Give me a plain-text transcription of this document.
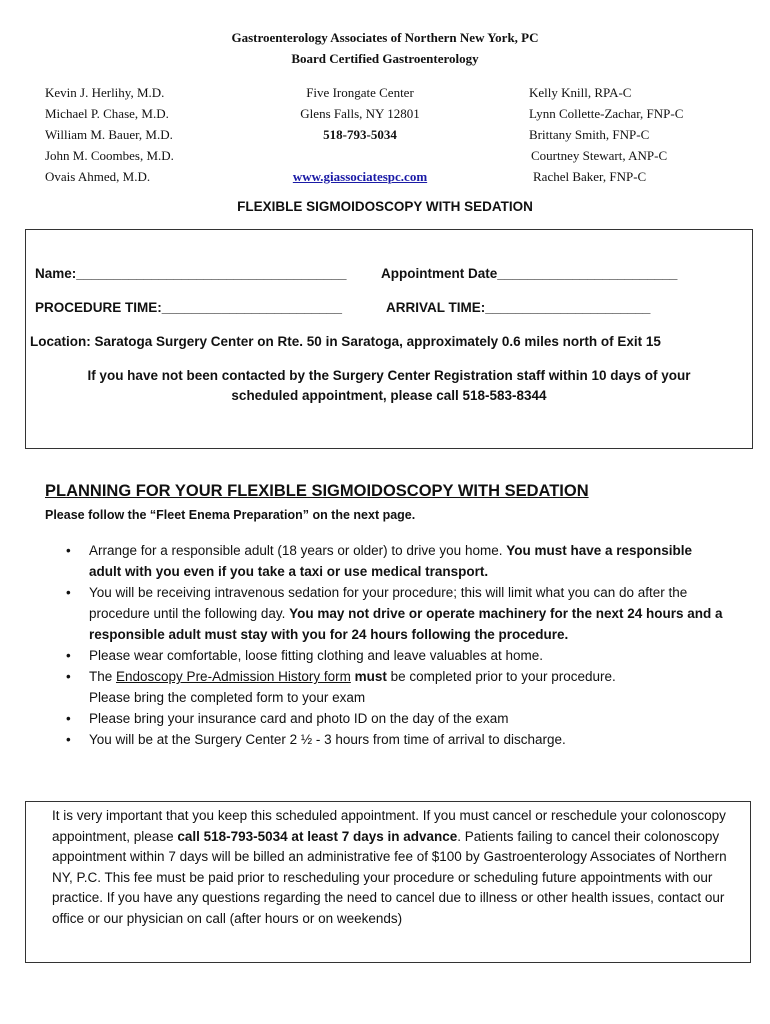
Gastroenterology Associates of Northern New York, PC
Board Certified Gastroenterology
Kevin J. Herlihy, M.D.
Michael P. Chase, M.D.
William M. Bauer, M.D.
John M. Coombes, M.D.
Ovais Ahmed, M.D.
Five Irongate Center
Glens Falls, NY 12801
518-793-5034

www.giassociatespc.com
Kelly Knill, RPA-C
Lynn Collette-Zachar, FNP-C
Brittany Smith, FNP-C
Courtney Stewart, ANP-C
Rachel Baker, FNP-C
FLEXIBLE SIGMOIDOSCOPY WITH SEDATION
Name:____________________________________	Appointment Date________________________
PROCEDURE TIME:________________________	ARRIVAL TIME:______________________
Location: Saratoga Surgery Center on Rte. 50 in Saratoga, approximately 0.6 miles north of Exit 15
If you have not been contacted by the Surgery Center Registration staff within 10 days of your
scheduled appointment, please call 518-583-8344
PLANNING FOR YOUR FLEXIBLE SIGMOIDOSCOPY WITH SEDATION
Please follow the “Fleet Enema Preparation” on the next page.
• Arrange for a responsible adult (18 years or older) to drive you home. You must have a responsible adult with you even if you take a taxi or use medical transport.
• You will be receiving intravenous sedation for your procedure; this will limit what you can do after the procedure until the following day. You may not drive or operate machinery for the next 24 hours and a responsible adult must stay with you for 24 hours following the procedure.
• Please wear comfortable, loose fitting clothing and leave valuables at home.
• The Endoscopy Pre-Admission History form must be completed prior to your procedure.
Please bring the completed form to your exam
• Please bring your insurance card and photo ID on the day of the exam
• You will be at the Surgery Center 2 ½ - 3 hours from time of arrival to discharge.
It is very important that you keep this scheduled appointment. If you must cancel or reschedule your colonoscopy appointment, please call 518-793-5034 at least 7 days in advance. Patients failing to cancel their colonoscopy appointment within 7 days will be billed an administrative fee of $100 by Gastroenterology Associates of Northern NY, P.C. This fee must be paid prior to rescheduling your procedure or scheduling future appointments with our practice. If you have any questions regarding the need to cancel due to illness or other health issues, contact our office or our physician on call (after hours or on weekends)
